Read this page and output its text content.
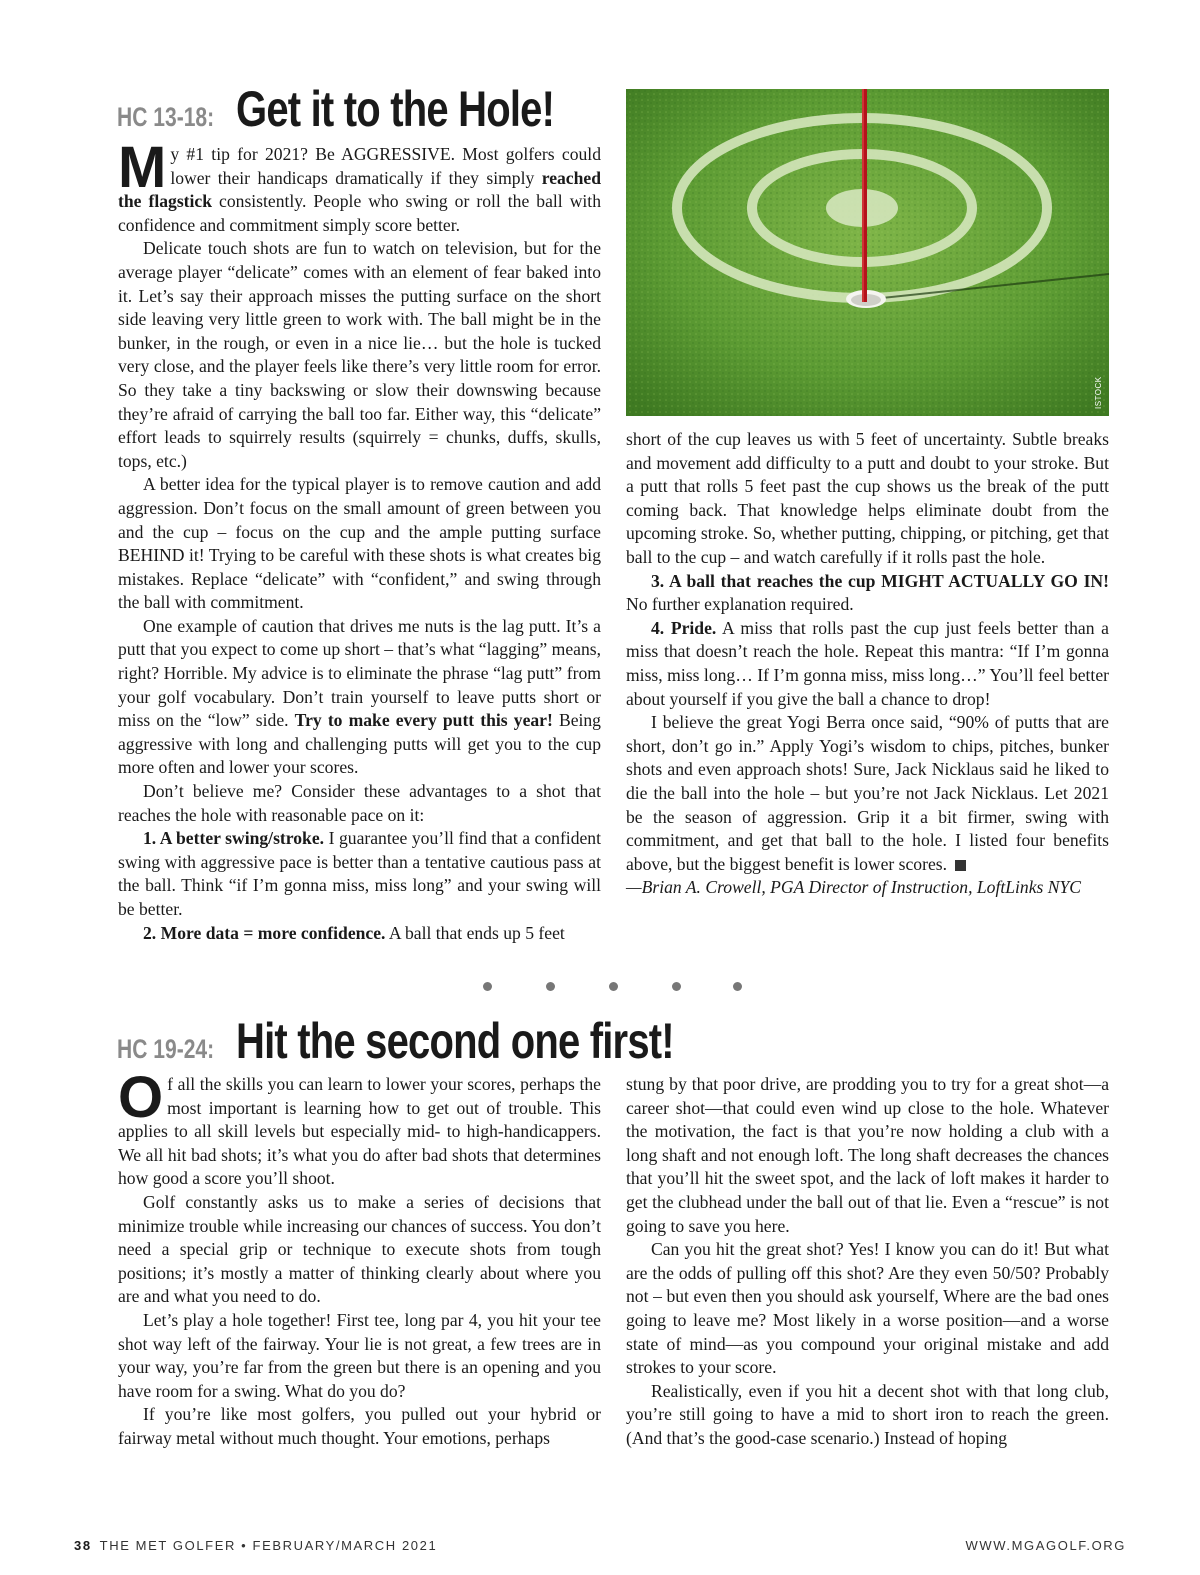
HC 13-18: Get it to the Hole!

My #1 tip for 2021? Be AGGRESSIVE. Most golfers could lower their handicaps dramatically if they simply reached the flagstick consistently. People who swing or roll the ball with confidence and commitment simply score better.

Delicate touch shots are fun to watch on television, but for the average player “delicate” comes with an element of fear baked into it. Let’s say their approach misses the putting surface on the short side leaving very little green to work with. The ball might be in the bunker, in the rough, or even in a nice lie… but the hole is tucked very close, and the player feels like there’s very little room for error. So they take a tiny backswing or slow their downswing because they’re afraid of carrying the ball too far. Either way, this “delicate” effort leads to squirrely results (squirrely = chunks, duffs, skulls, tops, etc.)

A better idea for the typical player is to remove caution and add aggression. Don’t focus on the small amount of green between you and the cup – focus on the cup and the ample putting surface BEHIND it! Trying to be careful with these shots is what creates big mistakes. Replace “delicate” with “confident,” and swing through the ball with commitment.

One example of caution that drives me nuts is the lag putt. It’s a putt that you expect to come up short – that’s what “lagging” means, right? Horrible. My advice is to eliminate the phrase “lag putt” from your golf vocabulary. Don’t train yourself to leave putts short or miss on the “low” side. Try to make every putt this year! Being aggressive with long and challenging putts will get you to the cup more often and lower your scores.

Don’t believe me? Consider these advantages to a shot that reaches the hole with reasonable pace on it:

1. A better swing/stroke. I guarantee you’ll find that a confident swing with aggressive pace is better than a tentative cautious pass at the ball. Think “if I’m gonna miss, miss long” and your swing will be better.

2. More data = more confidence. A ball that ends up 5 feet

ISTOCK

short of the cup leaves us with 5 feet of uncertainty. Subtle breaks and movement add difficulty to a putt and doubt to your stroke. But a putt that rolls 5 feet past the cup shows us the break of the putt coming back. That knowledge helps eliminate doubt from the upcoming stroke. So, whether putting, chipping, or pitching, get that ball to the cup – and watch carefully if it rolls past the hole.

3. A ball that reaches the cup MIGHT ACTUALLY GO IN! No further explanation required.

4. Pride. A miss that rolls past the cup just feels better than a miss that doesn’t reach the hole. Repeat this mantra: “If I’m gonna miss, miss long… If I’m gonna miss, miss long…” You’ll feel better about yourself if you give the ball a chance to drop!

I believe the great Yogi Berra once said, “90% of putts that are short, don’t go in.” Apply Yogi’s wisdom to chips, pitches, bunker shots and even approach shots! Sure, Jack Nicklaus said he liked to die the ball into the hole – but you’re not Jack Nicklaus. Let 2021 be the season of aggression. Grip it a bit firmer, swing with commitment, and get that ball to the hole. I listed four benefits above, but the biggest benefit is lower scores.

—Brian A. Crowell, PGA Director of Instruction, LoftLinks NYC

HC 19-24: Hit the second one first!

Of all the skills you can learn to lower your scores, perhaps the most important is learning how to get out of trouble. This applies to all skill levels but especially mid- to high-handicappers. We all hit bad shots; it’s what you do after bad shots that determines how good a score you’ll shoot.

Golf constantly asks us to make a series of decisions that minimize trouble while increasing our chances of success. You don’t need a special grip or technique to execute shots from tough positions; it’s mostly a matter of thinking clearly about where you are and what you need to do.

Let’s play a hole together! First tee, long par 4, you hit your tee shot way left of the fairway. Your lie is not great, a few trees are in your way, you’re far from the green but there is an opening and you have room for a swing. What do you do?

If you’re like most golfers, you pulled out your hybrid or fairway metal without much thought. Your emotions, perhaps

stung by that poor drive, are prodding you to try for a great shot—a career shot—that could even wind up close to the hole. Whatever the motivation, the fact is that you’re now holding a club with a long shaft and not enough loft. The long shaft decreases the chances that you’ll hit the sweet spot, and the lack of loft makes it harder to get the clubhead under the ball out of that lie. Even a “rescue” is not going to save you here.

Can you hit the great shot? Yes! I know you can do it! But what are the odds of pulling off this shot? Are they even 50/50? Probably not – but even then you should ask yourself, Where are the bad ones going to leave me? Most likely in a worse position—and a worse state of mind—as you compound your original mistake and add strokes to your score.

Realistically, even if you hit a decent shot with that long club, you’re still going to have a mid to short iron to reach the green. (And that’s the good-case scenario.) Instead of hoping

38 THE MET GOLFER • FEBRUARY/MARCH 2021	WWW.MGAGOLF.ORG
